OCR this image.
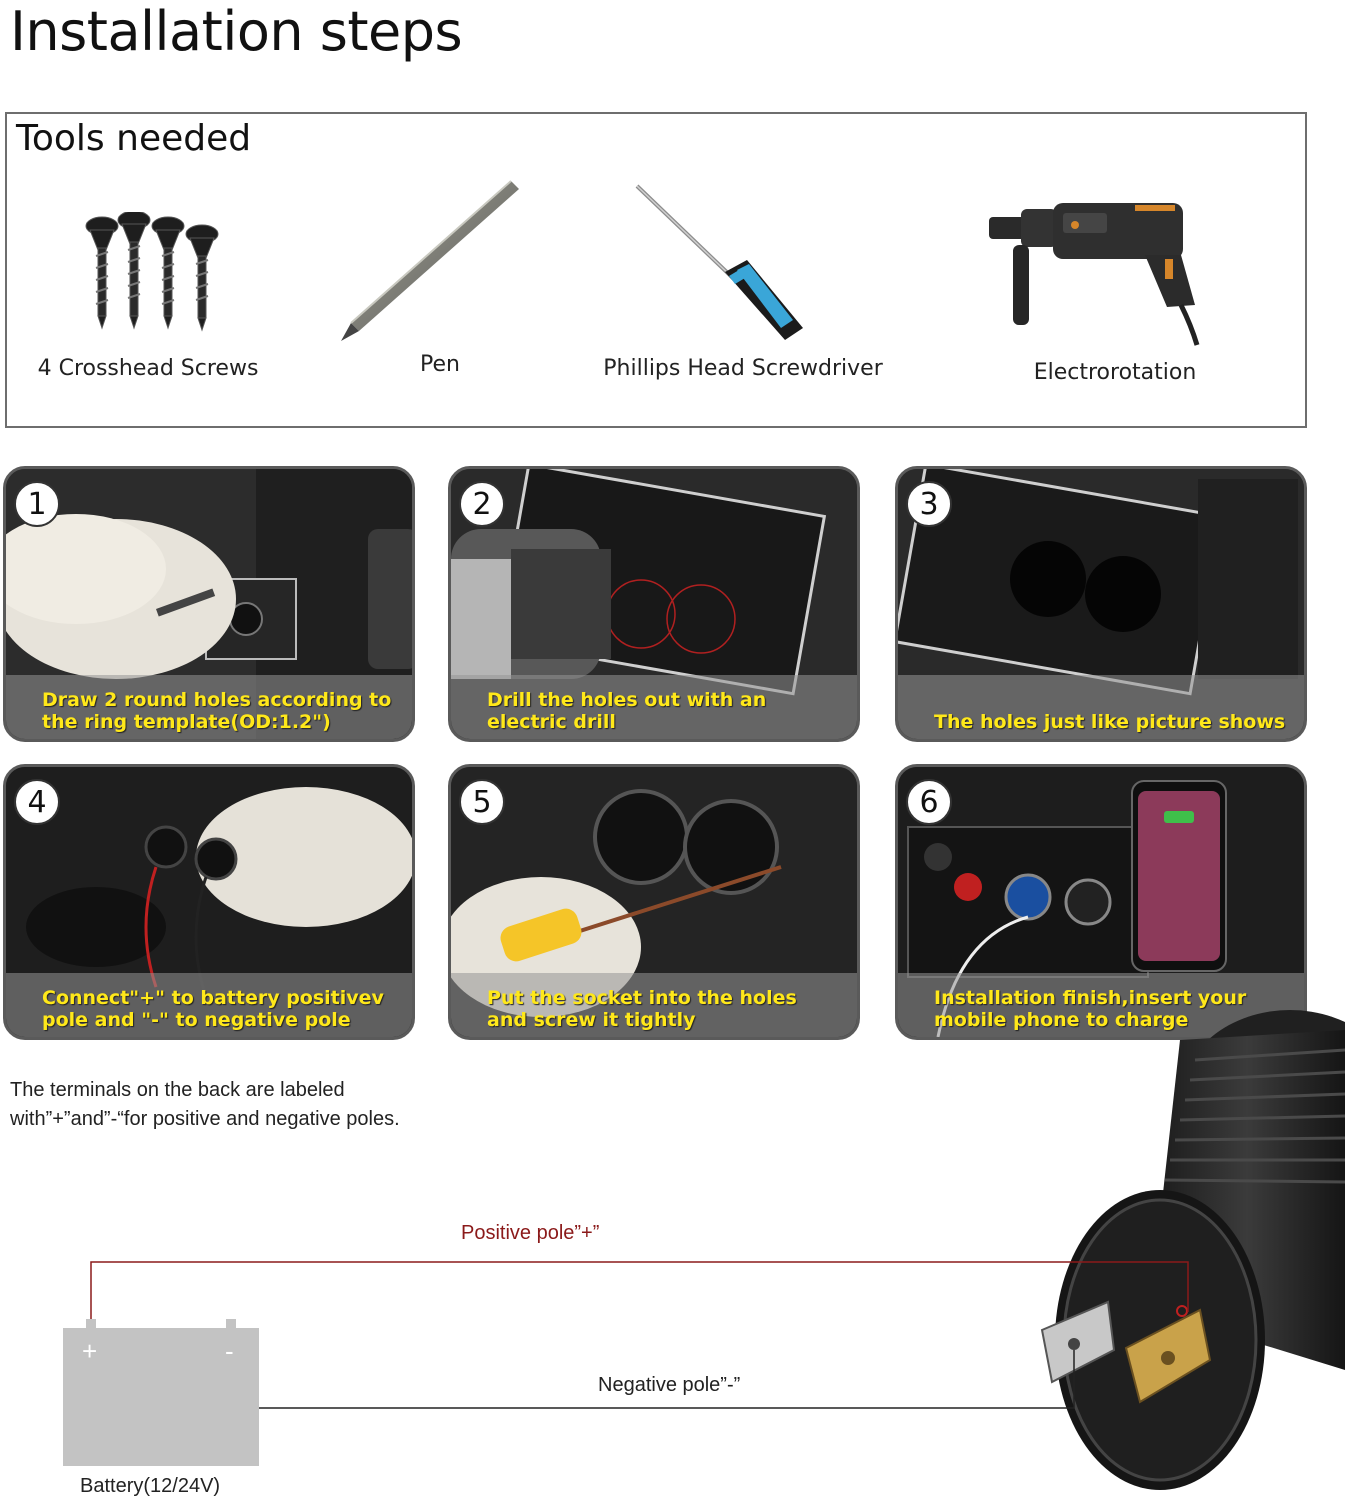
Installation steps
Tools needed
4 Crosshead Screws	Pen	Phillips Head Screwdriver	Electrorotation
Draw 2 round holes according to the ring template(OD:1.2")
1
Drill the holes out with an electric drill
2
The holes just like picture shows
3
Connect"+" to battery positivev pole and "-" to negative pole
4
Put the socket into the holes and screw it tightly
5
Installation finish,insert your mobile phone to charge
6
The terminals on the back are labeled with”+”and”-“for positive and negative poles.
+	-
Positive pole”+”
Negative pole”-”
Battery(12/24V)
